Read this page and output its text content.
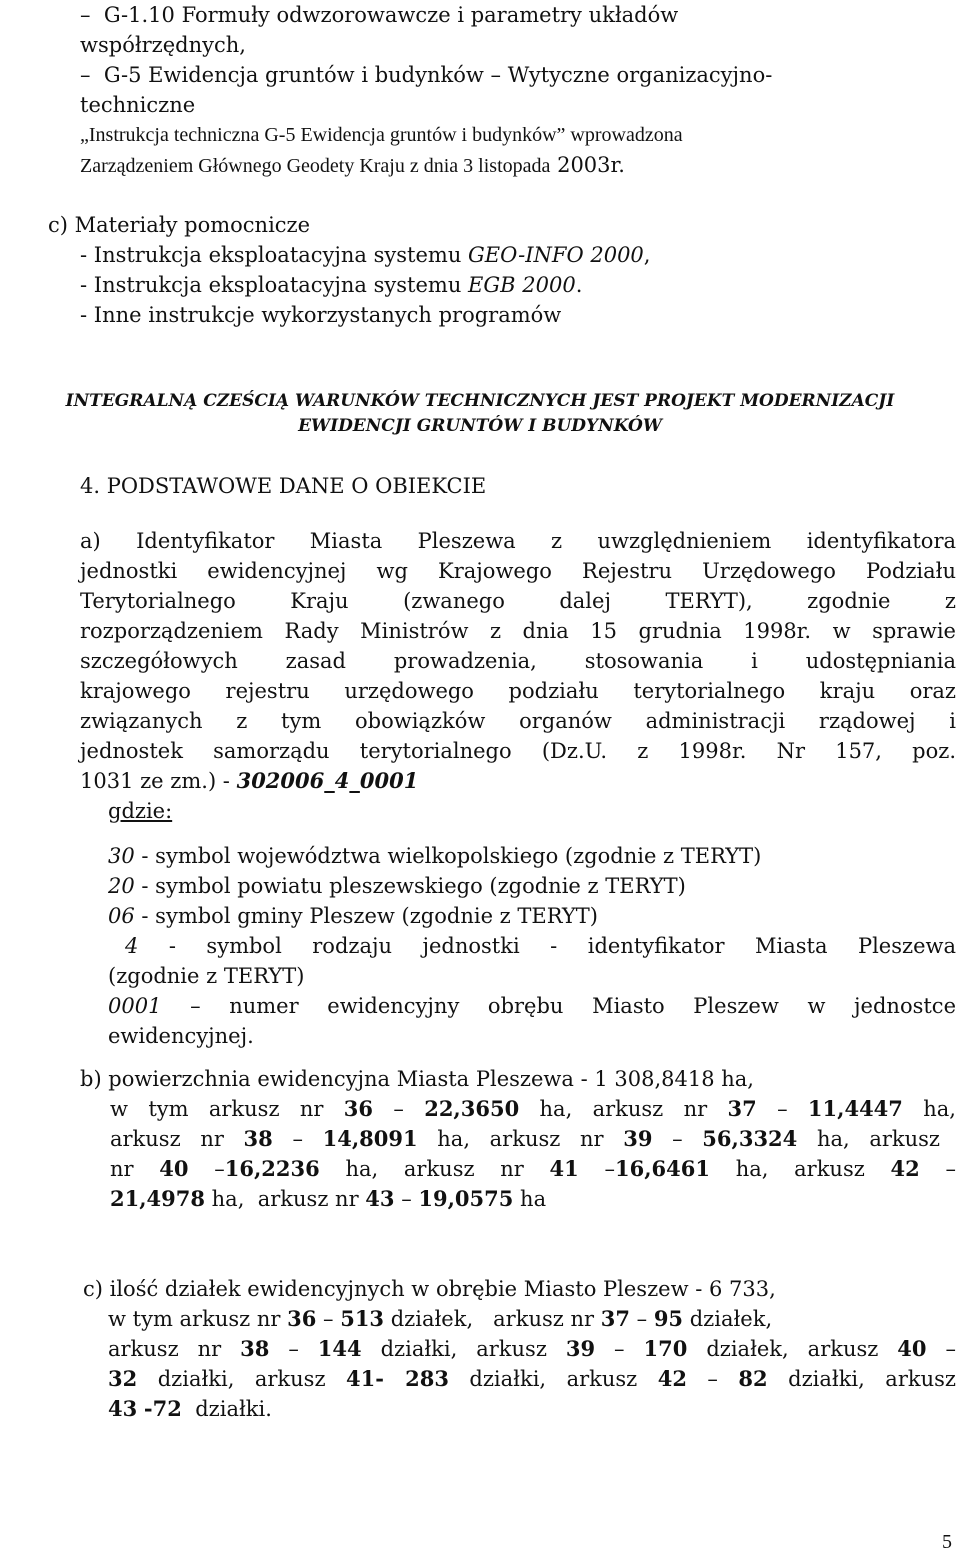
–  G-1.10 Formuły odwzorowawcze i parametry układów
współrzędnych,
–  G-5 Ewidencja gruntów i budynków – Wytyczne organizacyjno-
techniczne
„Instrukcja techniczna G-5 Ewidencja gruntów i budynków” wprowadzona
Zarządzeniem Głównego Geodety Kraju z dnia 3 listopada 2003r.
c) Materiały pomocnicze
- Instrukcja eksploatacyjna systemu GEO-INFO 2000,
- Instrukcja eksploatacyjna systemu EGB 2000.
- Inne instrukcje wykorzystanych programów
INTEGRALNĄ CZEŚCIĄ WARUNKÓW TECHNICZNYCH JEST PROJEKT MODERNIZACJI
EWIDENCJI GRUNTÓW I BUDYNKÓW
4. PODSTAWOWE DANE O OBIEKCIE
a) Identyfikator Miasta Pleszewa z uwzględnieniem identyfikatora
jednostki ewidencyjnej wg Krajowego Rejestru Urzędowego Podziału
Terytorialnego Kraju (zwanego dalej TERYT), zgodnie z
rozporządzeniem Rady Ministrów z dnia 15 grudnia 1998r. w sprawie
szczegółowych zasad prowadzenia, stosowania i udostępniania
krajowego rejestru urzędowego podziału terytorialnego kraju oraz
związanych z tym obowiązków organów administracji rządowej i
jednostek samorządu terytorialnego (Dz.U. z 1998r. Nr 157, poz.
1031 ze zm.) - 302006_4_0001
gdzie:
30 - symbol województwa wielkopolskiego (zgodnie z TERYT)
20 - symbol powiatu pleszewskiego (zgodnie z TERYT)
06 - symbol gminy Pleszew (zgodnie z TERYT)
4 - symbol rodzaju jednostki - identyfikator Miasta Pleszewa
(zgodnie z TERYT)
0001 – numer ewidencyjny obrębu Miasto Pleszew w jednostce
ewidencyjnej.
b) powierzchnia ewidencyjna Miasta Pleszewa - 1 308,8418 ha,
w tym arkusz nr 36 – 22,3650 ha, arkusz nr 37 – 11,4447 ha,
arkusz nr 38 – 14,8091 ha, arkusz nr 39 – 56,3324 ha, arkusz
nr 40 –16,2236 ha, arkusz nr 41 –16,6461 ha, arkusz 42 –
21,4978 ha,  arkusz nr 43 – 19,0575 ha
c) ilość działek ewidencyjnych w obrębie Miasto Pleszew - 6 733,
w tym arkusz nr 36 – 513 działek,   arkusz nr 37 – 95 działek,
arkusz nr 38 – 144 działki, arkusz 39 – 170 działek, arkusz 40 –
32 działki, arkusz 41- 283 działki, arkusz 42 – 82 działki, arkusz
43 -72 działki.
5
